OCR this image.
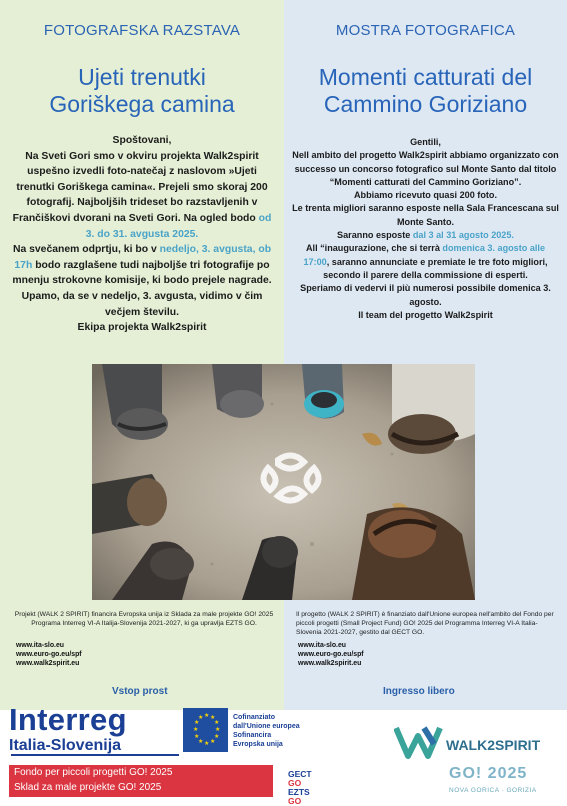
FOTOGRAFSKA RAZSTAVA
Ujeti trenutki
Goriškega camina
Spoštovani,
Na Sveti Gori smo v okviru projekta Walk2spirit uspešno izvedli foto-natečaj z naslovom »Ujeti trenutki Goriškega camina«. Prejeli smo skoraj 200 fotografij. Najboljših trideset bo razstavljenih v Frančiškovi dvorani na Sveti Gori. Na ogled bodo od 3. do 31. avgusta 2025.
Na svečanem odprtju, ki bo v nedeljo, 3. avgusta, ob 17h bodo razglašene tudi najboljše tri fotografije po mnenju strokovne komisije, ki bodo prejele nagrade.
Upamo, da se v nedeljo, 3. avgusta, vidimo v čim večjem številu.
Ekipa projekta Walk2spirit
Projekt (WALK 2 SPIRIT) financira Evropska unija iz Sklada za male projekte GO! 2025 Programa Interreg VI-A Italija-Slovenija 2021-2027, ki ga upravlja EZTS GO.
www.ita-slo.eu
www.euro-go.eu/spf
www.walk2spirit.eu
Vstop prost
MOSTRA FOTOGRAFICA
Momenti catturati del
Cammino Goriziano
Gentili,
Nell ambito del progetto Walk2spirit abbiamo organizzato con successo un concorso fotografico sul Monte Santo dal titolo “Momenti catturati del Cammino Goriziano”.
Abbiamo ricevuto quasi 200 foto.
Le trenta migliori saranno esposte nella Sala Francescana sul Monte Santo.
Saranno esposte dal 3 al 31 agosto 2025.
All “inaugurazione, che si terrà domenica 3. agosto alle 17:00, saranno annunciate e premiate le tre foto migliori, secondo il parere della commissione di esperti.
Speriamo di vedervi il più numerosi possibile domenica 3. agosto.
Il team del progetto Walk2spirit
Il progetto (WALK 2 SPIRIT) è finanziato dall'Unione europea nell'ambito del Fondo per piccoli progetti (Small Project Fund) GO! 2025 del Programma Interreg VI-A Italia-Slovenia 2021-2027, gestito dal GECT GO.
www.ita-slo.eu
www.euro-go.eu/spf
www.walk2spirit.eu
Ingresso libero
Interreg
Italia-Slovenija
★ ★
★
★
★
★
★
★
★
★
★
★	Cofinanziato
dall'Unione europea
Sofinancira
Evropska unija
Fondo per piccoli progetti GO! 2025
Sklad za male projekte GO! 2025
GECT GO
EZTS GO
WALK2SPIRIT
GO! 2025
NOVA GORICA · GORIZIA
